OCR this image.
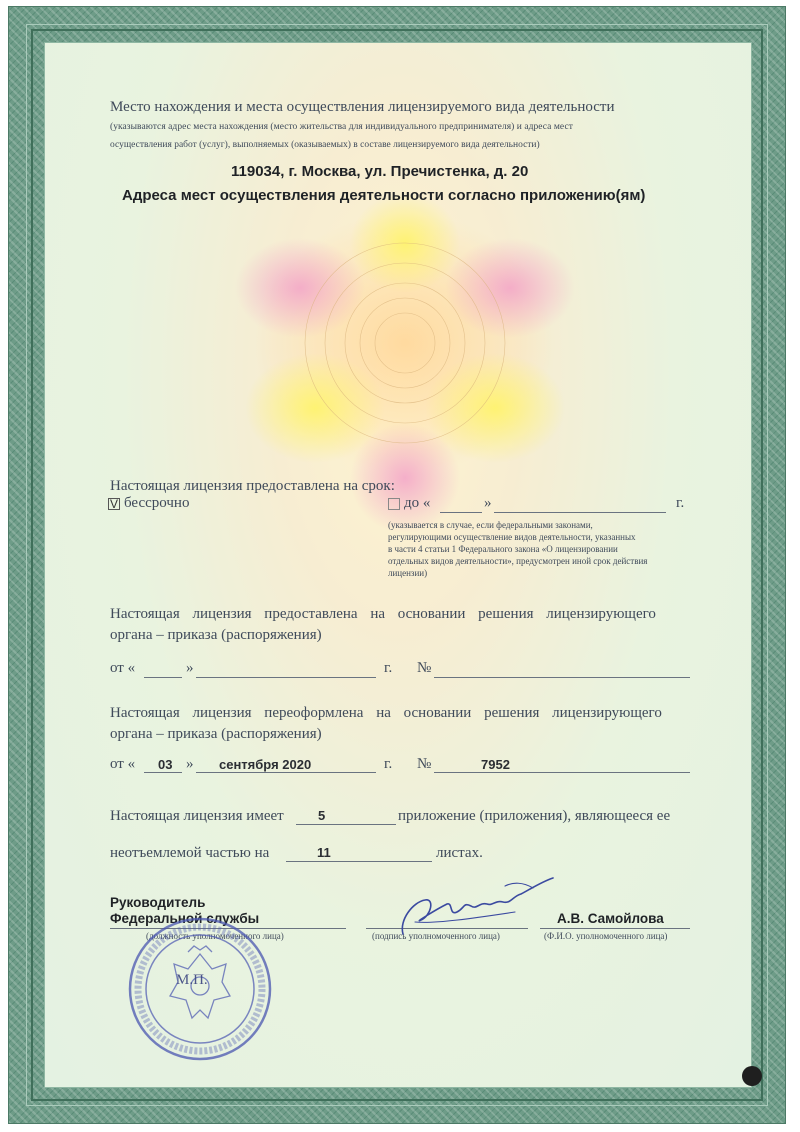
Место нахождения и места осуществления лицензируемого вида деятельности
(указываются адрес места нахождения (место жительства для индивидуального предпринимателя) и адреса мест
осуществления работ (услуг), выполняемых (оказываемых) в составе лицензируемого вида деятельности)
119034, г. Москва, ул. Пречистенка, д. 20
Адреса мест осуществления деятельности согласно приложению(ям)
Настоящая лицензия предоставлена на срок:
V бессрочно	до «	»	г.
(указывается в случае, если федеральными законами,
регулирующими осуществление видов деятельности, указанных
в части 4 статьи 1 Федерального закона «О лицензировании
отдельных видов деятельности», предусмотрен иной срок действия
лицензии)
Настоящая лицензия предоставлена на основании решения лицензирующего
органа – приказа (распоряжения)
от «	»	г. №
Настоящая лицензия переоформлена на основании решения лицензирующего
органа – приказа (распоряжения)
от « 03 » сентября 2020	г. №	7952
Настоящая лицензия имеет	5	приложение (приложения), являющееся ее
неотъемлемой частью на	11	листах.
Руководитель
Федеральной службы
(должность уполномоченного лица)	(подпись уполномоченного лица)
А.В. Самойлова
(Ф.И.О. уполномоченного лица)
М.П.
